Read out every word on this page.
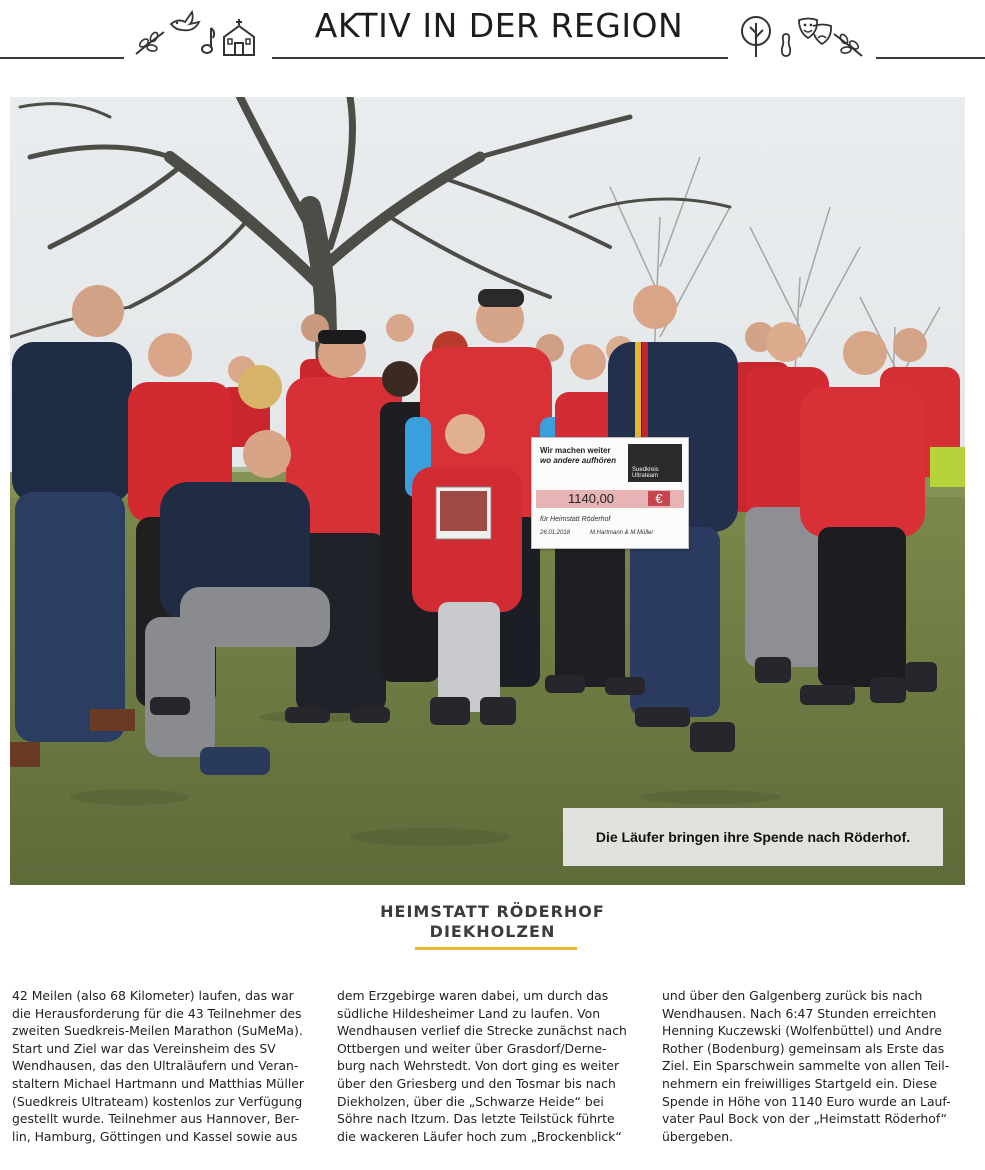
AKTIV IN DER REGION
Wir machen weiter
wo andere aufhören
Suedkreis Ultrateam
1140,00	€
für Heimstatt Röderhof
26.01.2018	M.Hartmann & M.Müller
Die Läufer bringen ihre Spende nach Röderhof.
HEIMSTATT RÖDERHOF
DIEKHOLZEN
42 Meilen (also 68 Kilometer) laufen, das war
die Herausforderung für die 43 Teilnehmer des
zweiten Suedkreis-Meilen Marathon (SuMeMa).
Start und Ziel war das Vereinsheim des SV
Wendhausen, das den Ultraläufern und Veran-
staltern Michael Hartmann und Matthias Müller
(Suedkreis Ultrateam) kostenlos zur Verfügung
gestellt wurde. Teilnehmer aus Hannover, Ber-
lin, Hamburg, Göttingen und Kassel sowie aus
dem Erzgebirge waren dabei, um durch das
südliche Hildesheimer Land zu laufen. Von
Wendhausen verlief die Strecke zunächst nach
Ottbergen und weiter über Grasdorf/Derne-
burg nach Wehrstedt. Von dort ging es weiter
über den Griesberg und den Tosmar bis nach
Diekholzen, über die „Schwarze Heide“ bei
Söhre nach Itzum. Das letzte Teilstück führte
die wackeren Läufer hoch zum „Brockenblick“
und über den Galgenberg zurück bis nach
Wendhausen. Nach 6:47 Stunden erreichten
Henning Kuczewski (Wolfenbüttel) und Andre
Rother (Bodenburg) gemeinsam als Erste das
Ziel. Ein Sparschwein sammelte von allen Teil-
nehmern ein freiwilliges Startgeld ein. Diese
Spende in Höhe von 1140 Euro wurde an Lauf-
vater Paul Bock von der „Heimstatt Röderhof“
übergeben.
